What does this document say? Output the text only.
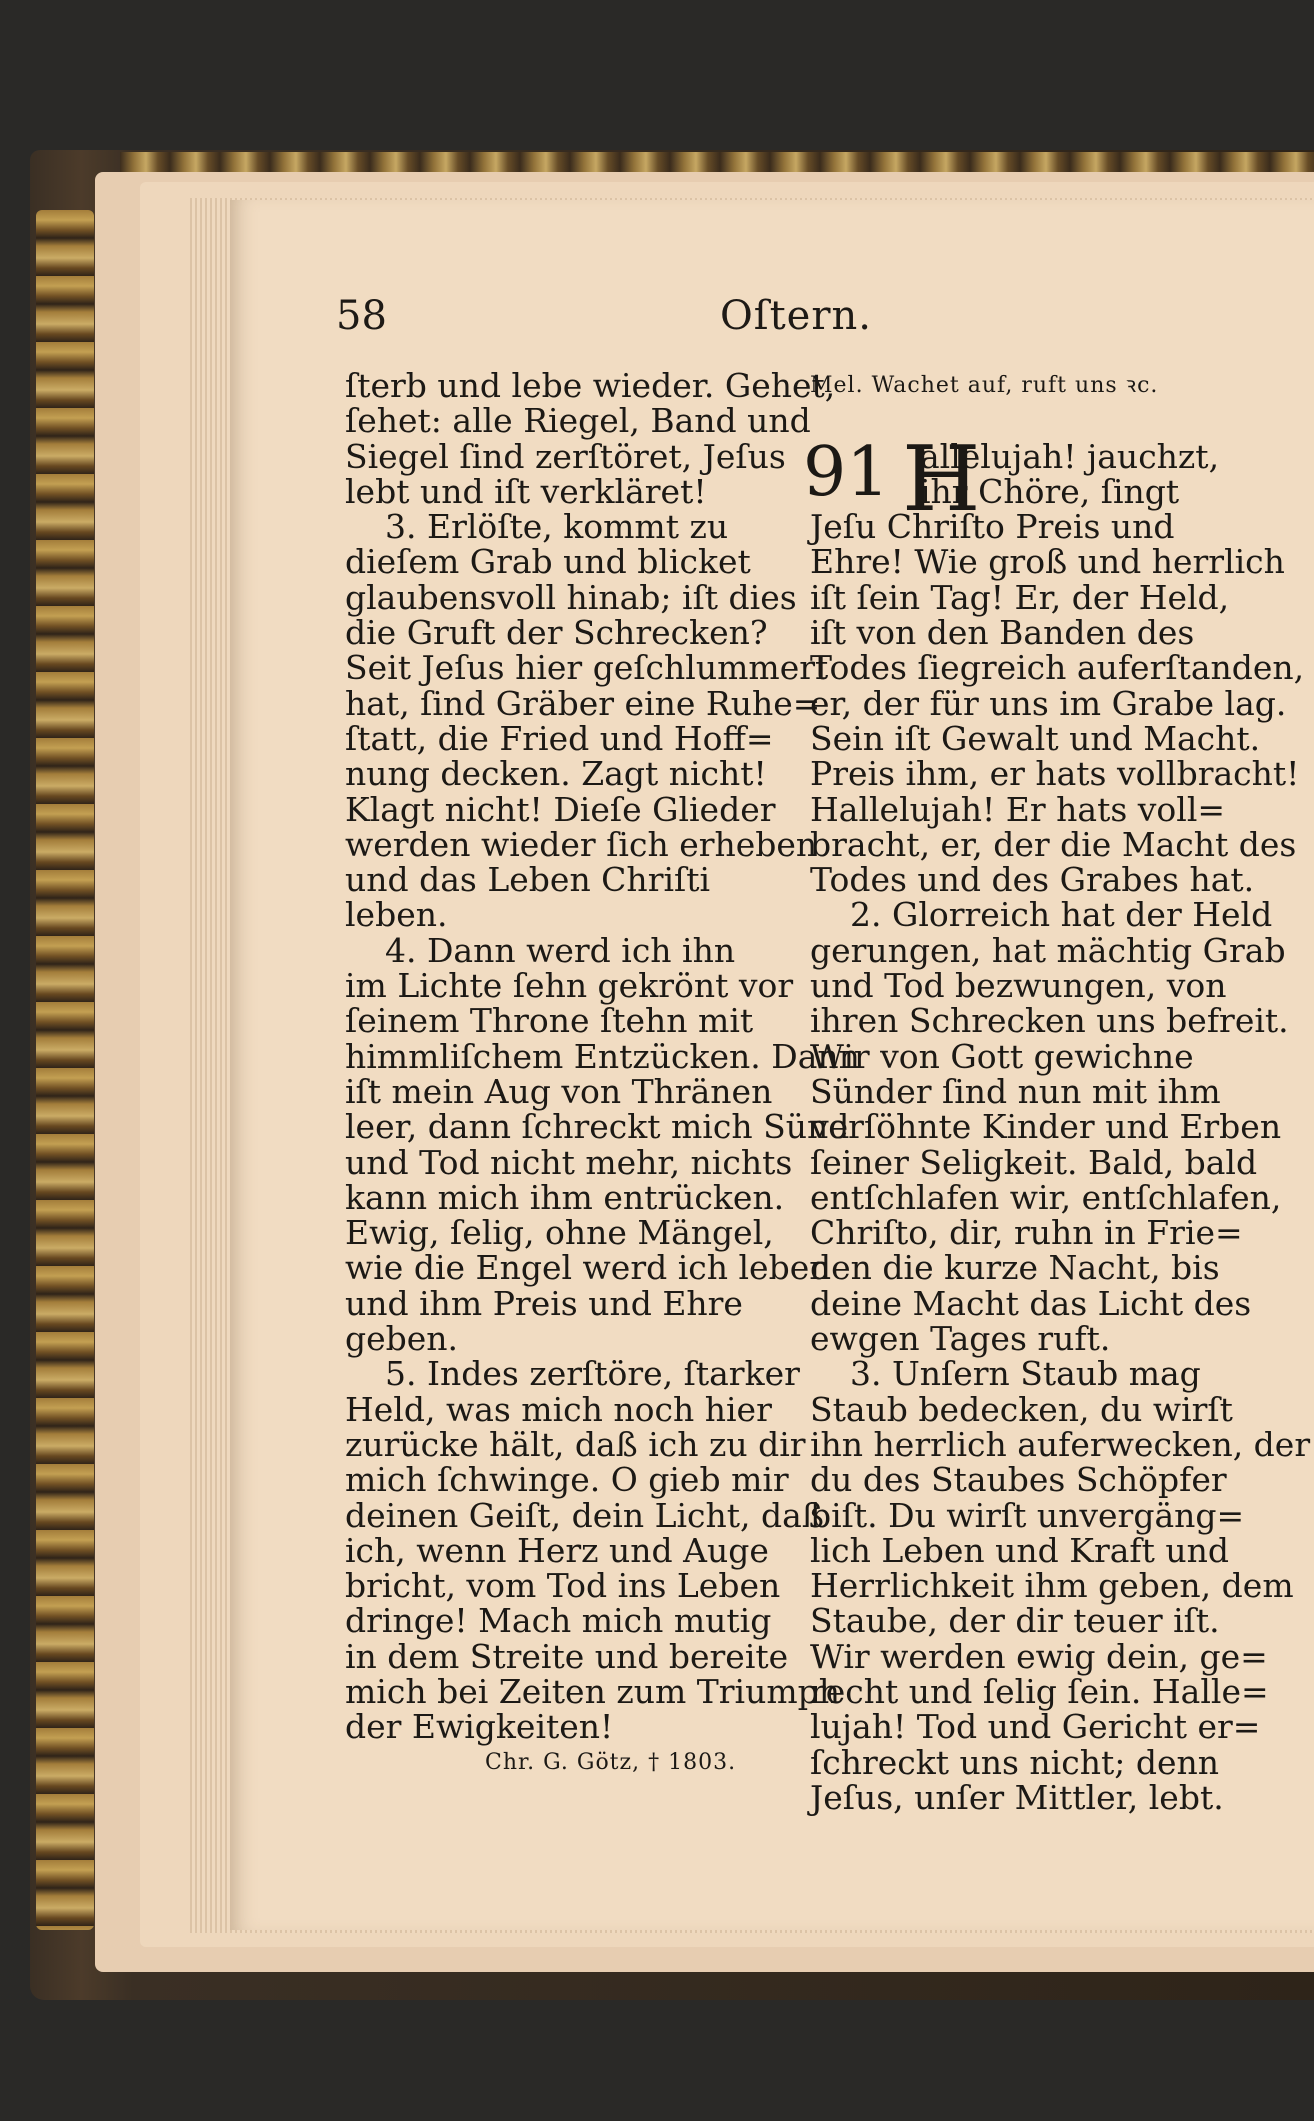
58	Oſtern.
ſterb und lebe wieder. Gehet,
ſehet: alle Riegel, Band und
Siegel ſind zerſtöret, Jeſus
lebt und iſt verkläret!
3. Erlöſte, kommt zu
dieſem Grab und blicket
glaubensvoll hinab; iſt dies
die Gruft der Schrecken?
Seit Jeſus hier geſchlummert
hat, ſind Gräber eine Ruhe=
ſtatt, die Fried und Hoff=
nung decken. Zagt nicht!
Klagt nicht! Dieſe Glieder
werden wieder ſich erheben
und das Leben Chriſti
leben.
4. Dann werd ich ihn
im Lichte ſehn gekrönt vor
ſeinem Throne ſtehn mit
himmliſchem Entzücken. Dann
iſt mein Aug von Thränen
leer, dann ſchreckt mich Sünd
und Tod nicht mehr, nichts
kann mich ihm entrücken.
Ewig, ſelig, ohne Mängel,
wie die Engel werd ich leben
und ihm Preis und Ehre
geben.
5. Indes zerſtöre, ſtarker
Held, was mich noch hier
zurücke hält, daß ich zu dir
mich ſchwinge. O gieb mir
deinen Geiſt, dein Licht, daß
ich, wenn Herz und Auge
bricht, vom Tod ins Leben
dringe! Mach mich mutig
in dem Streite und bereite
mich bei Zeiten zum Triumph
der Ewigkeiten!
Chr. G. Götz, † 1803.
Mel. Wachet auf, ruft uns ꝛc.
allelujah! jauchzt,
ihr Chöre, ſingt
Jeſu Chriſto Preis und
Ehre! Wie groß und herrlich
iſt ſein Tag! Er, der Held,
iſt von den Banden des
Todes ſiegreich auferſtanden,
er, der für uns im Grabe lag.
Sein iſt Gewalt und Macht.
Preis ihm, er hats vollbracht!
Hallelujah! Er hats voll=
bracht, er, der die Macht des
Todes und des Grabes hat.
2. Glorreich hat der Held
gerungen, hat mächtig Grab
und Tod bezwungen, von
ihren Schrecken uns befreit.
Wir von Gott gewichne
Sünder ſind nun mit ihm
verſöhnte Kinder und Erben
ſeiner Seligkeit. Bald, bald
entſchlafen wir, entſchlafen,
Chriſto, dir, ruhn in Frie=
den die kurze Nacht, bis
deine Macht das Licht des
ewgen Tages ruft.
3. Unſern Staub mag
Staub bedecken, du wirſt
ihn herrlich auferwecken, der
du des Staubes Schöpfer
biſt. Du wirſt unvergäng=
lich Leben und Kraft und
Herrlichkeit ihm geben, dem
Staube, der dir teuer iſt.
Wir werden ewig dein, ge=
recht und ſelig ſein. Halle=
lujah! Tod und Gericht er=
ſchreckt uns nicht; denn
Jeſus, unſer Mittler, lebt.
91 H
